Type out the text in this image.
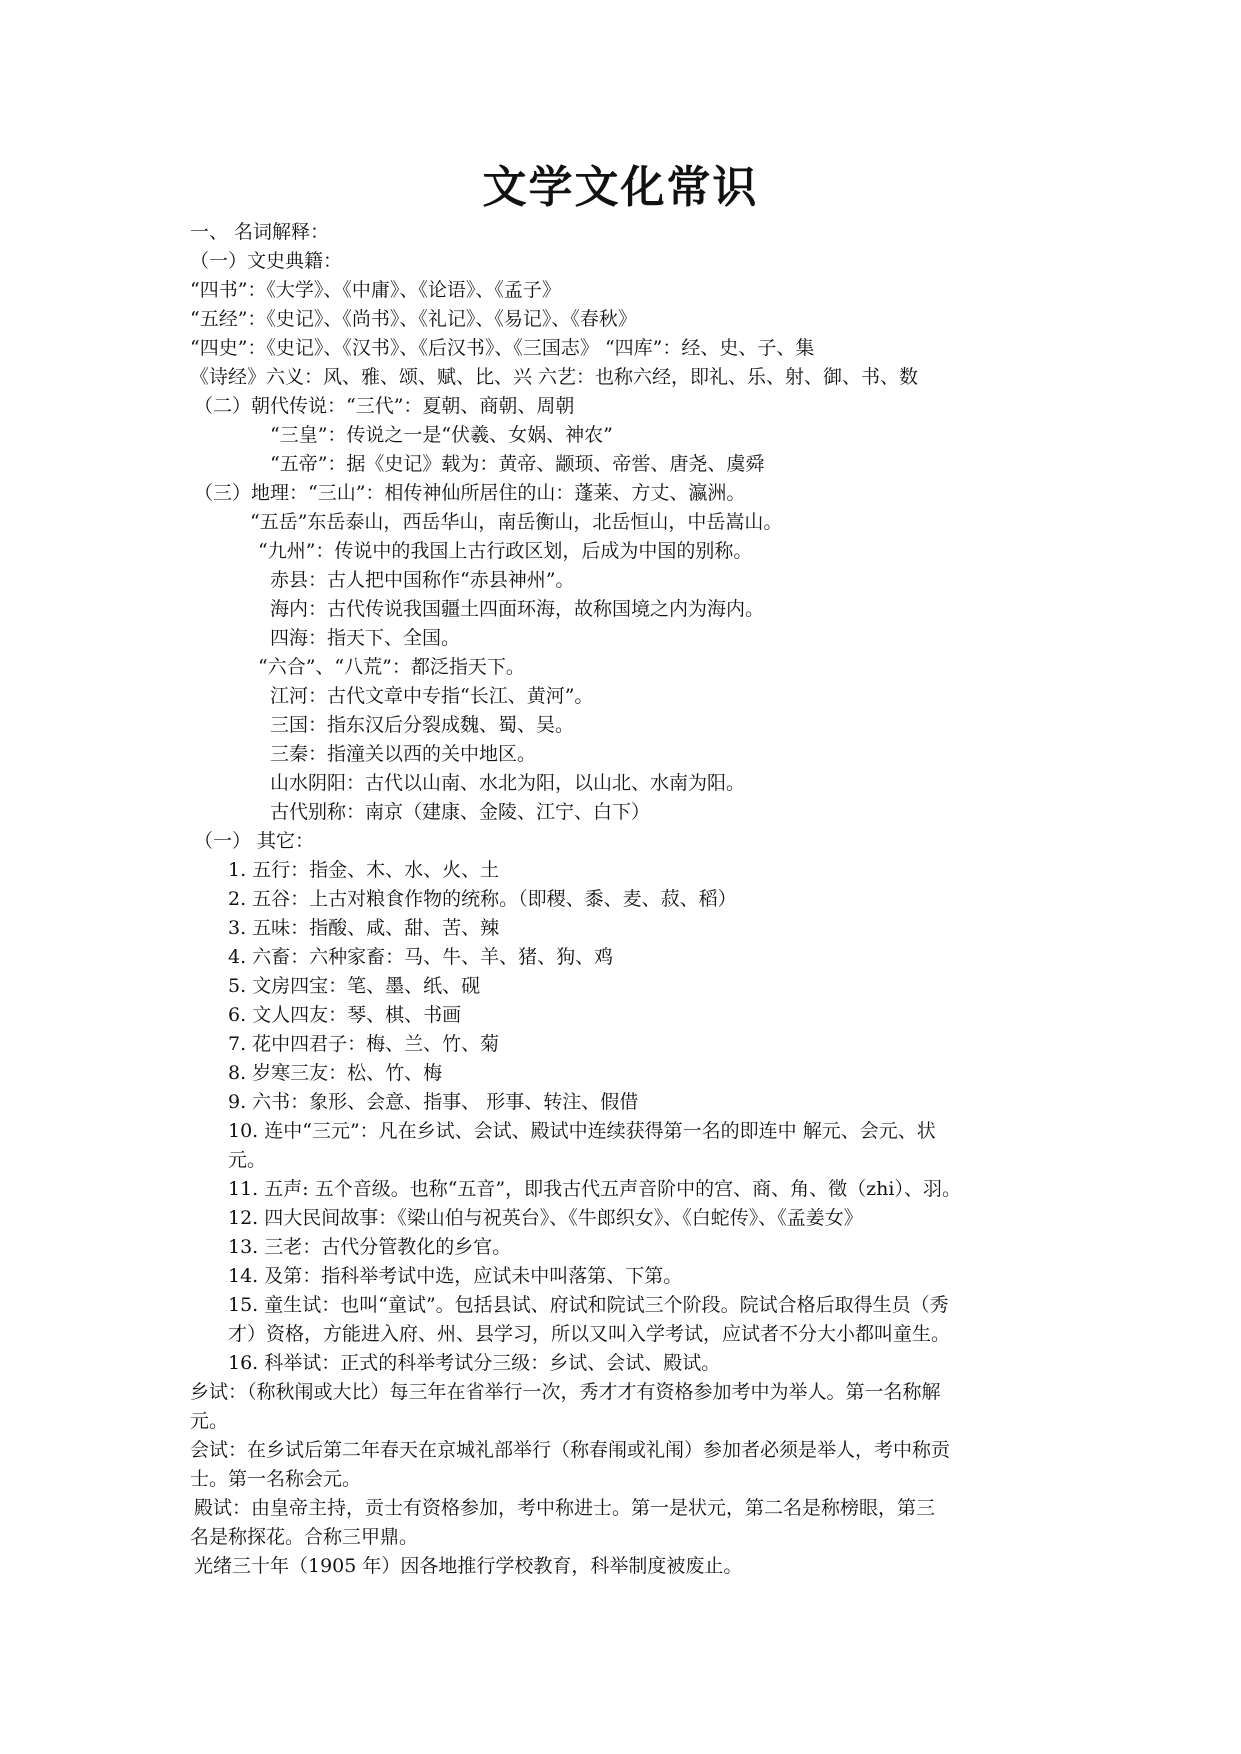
文学文化常识
一、 名词解释：
（一）文史典籍：
“四书”：《大学》、《中庸》、《论语》、《孟子》
“五经”：《史记》、《尚书》、《礼记》、《易记》、《春秋》
“四史”：《史记》、《汉书》、《后汉书》、《三国志》 “四库”：经、史、子、集
《诗经》六义：风、雅、颂、赋、比、兴 六艺：也称六经，即礼、乐、射、御、书、数
（二）朝代传说：“三代”：夏朝、商朝、周朝
“三皇”：传说之一是“伏羲、女娲、神农”
“五帝”：据《史记》载为：黄帝、颛顼、帝喾、唐尧、虞舜
（三）地理：“三山”：相传神仙所居住的山：蓬莱、方丈、瀛洲。
“五岳”东岳泰山，西岳华山，南岳衡山，北岳恒山，中岳嵩山。
“九州”：传说中的我国上古行政区划，后成为中国的别称。
赤县：古人把中国称作“赤县神州”。
海内：古代传说我国疆土四面环海，故称国境之内为海内。
四海：指天下、全国。
“六合”、“八荒”：都泛指天下。
江河：古代文章中专指“长江、黄河”。
三国：指东汉后分裂成魏、蜀、吴。
三秦：指潼关以西的关中地区。
山水阴阳：古代以山南、水北为阳，以山北、水南为阳。
古代别称：南京（建康、金陵、江宁、白下）
（一） 其它：
1. 五行：指金、木、水、火、土
2. 五谷：上古对粮食作物的统称。（即稷、黍、麦、菽、稻）
3. 五味：指酸、咸、甜、苦、辣
4. 六畜：六种家畜：马、牛、羊、猪、狗、鸡
5. 文房四宝：笔、墨、纸、砚
6. 文人四友：琴、棋、书画
7. 花中四君子：梅、兰、竹、菊
8. 岁寒三友：松、竹、梅
9. 六书：象形、会意、指事、 形事、转注、假借
10. 连中“三元”：凡在乡试、会试、殿试中连续获得第一名的即连中 解元、会元、状
元。
11. 五声: 五个音级。也称“五音”，即我古代五声音阶中的宫、商、角、徵（zhi）、羽。
12. 四大民间故事：《梁山伯与祝英台》、《牛郎织女》、《白蛇传》、《孟姜女》
13. 三老：古代分管教化的乡官。
14. 及第：指科举考试中选，应试未中叫落第、下第。
15. 童生试：也叫“童试”。包括县试、府试和院试三个阶段。院试合格后取得生员（秀
才）资格，方能进入府、州、县学习，所以又叫入学考试，应试者不分大小都叫童生。
16. 科举试：正式的科举考试分三级：乡试、会试、殿试。
乡试：（称秋闱或大比）每三年在省举行一次，秀才才有资格参加考中为举人。第一名称解
元。
会试：在乡试后第二年春天在京城礼部举行（称春闱或礼闱）参加者必须是举人，考中称贡
士。第一名称会元。
殿试：由皇帝主持，贡士有资格参加，考中称进士。第一是状元，第二名是称榜眼，第三
名是称探花。合称三甲鼎。
光绪三十年（1905 年）因各地推行学校教育，科举制度被废止。
